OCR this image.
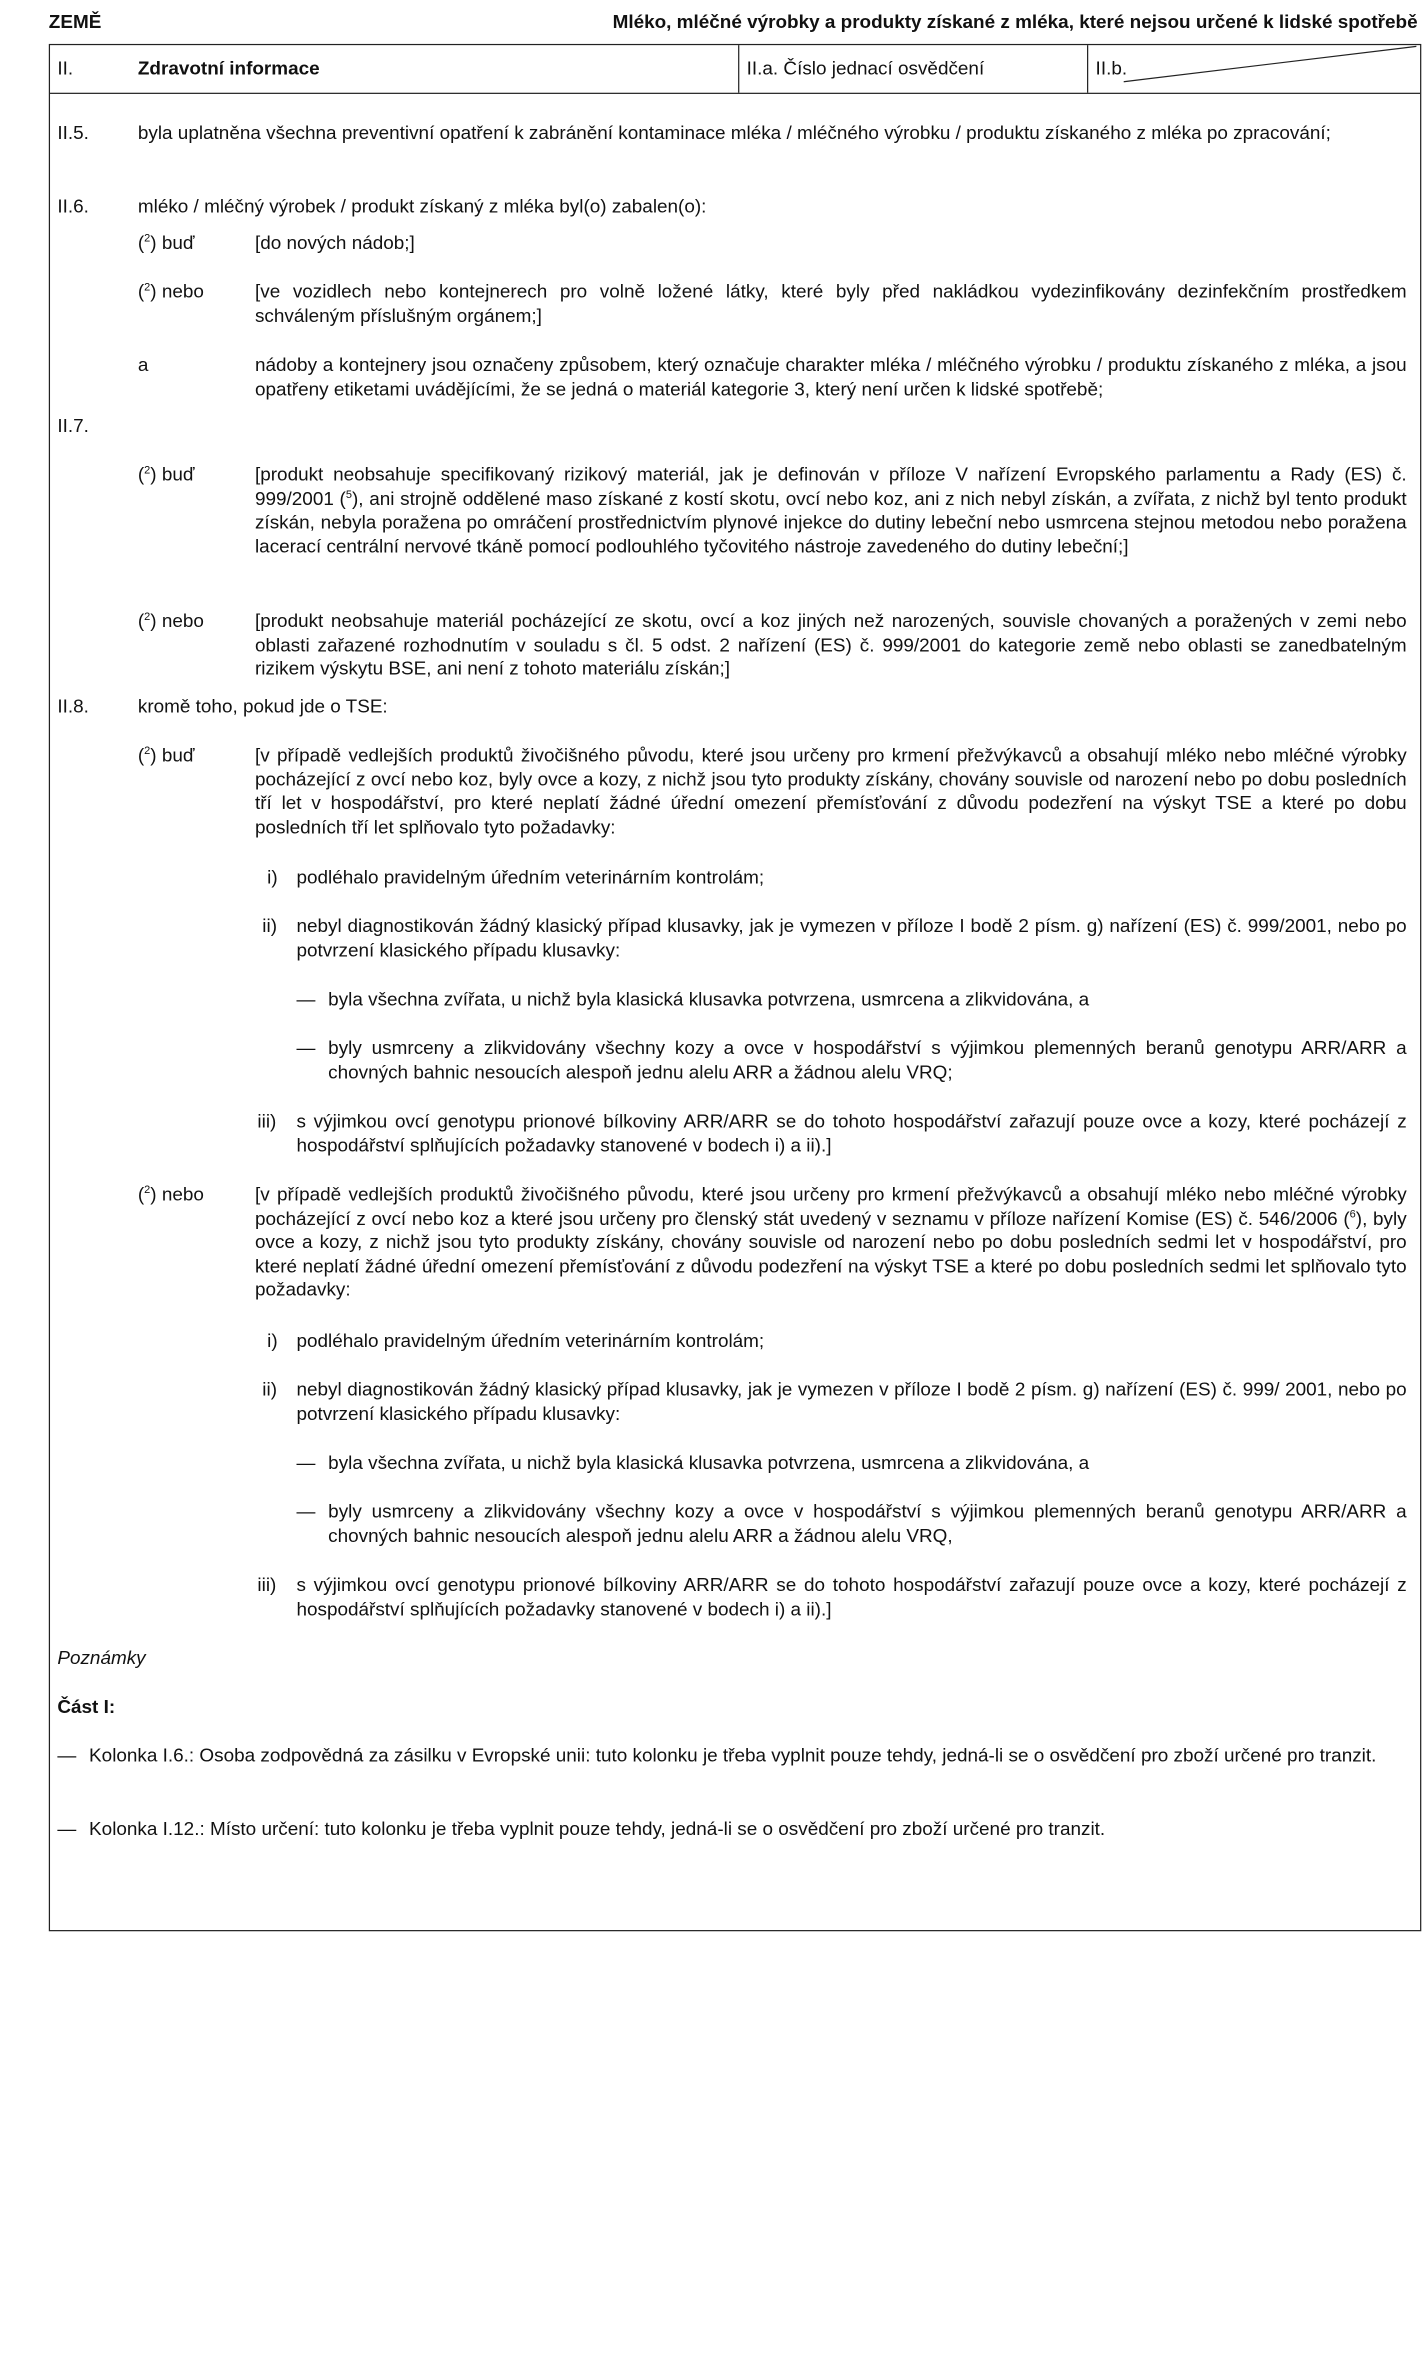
ZEMĚ	Mléko, mléčné výrobky a produkty získané z mléka, které nejsou určené k lidské spotřebě
II.	Zdravotní informace	II.a. Číslo jednací osvědčení	II.b.
II.5.	byla uplatněna všechna preventivní opatření k zabránění kontaminace mléka / mléčného výrobku / produktu získaného z mléka po zpracování;
II.6.	mléko / mléčný výrobek / produkt získaný z mléka byl(o) zabalen(o):
($^2$) buď	[do nových nádob;]
($^2$) nebo	[ve vozidlech nebo kontejnerech pro volně ložené látky, které byly před nakládkou vydezinfikovány dezinfekčním prostředkem schváleným příslušným orgánem;]
a	nádoby a kontejnery jsou označeny způsobem, který označuje charakter mléka / mléčného výrobku / produktu získaného z mléka, a jsou opatřeny etiketami uvádějícími, že se jedná o materiál kategorie 3, který není určen k lidské spotřebě;
II.7.
($^2$) buď	[produkt neobsahuje specifikovaný rizikový materiál, jak je definován v příloze V nařízení Evropského parlamentu a Rady (ES) č. 999/2001 ($^5$), ani strojně oddělené maso získané z kostí skotu, ovcí nebo koz, ani z nich nebyl získán, a zvířata, z nichž byl tento produkt získán, nebyla poražena po omráčení prostřednictvím plynové injekce do dutiny lebeční nebo usmrcena stejnou metodou nebo poražena lacerací centrální nervové tkáně pomocí podlouhlého tyčovitého nástroje zavedeného do dutiny lebeční;]
($^2$) nebo	[produkt neobsahuje materiál pocházející ze skotu, ovcí a koz jiných než narozených, souvisle chovaných a poražených v zemi nebo oblasti zařazené rozhodnutím v souladu s čl. 5 odst. 2 nařízení (ES) č. 999/2001 do kategorie země nebo oblasti se zanedbatelným rizikem výskytu BSE, ani není z tohoto materiálu získán;]
II.8.	kromě toho, pokud jde o TSE:
($^2$) buď	[v případě vedlejších produktů živočišného původu, které jsou určeny pro krmení přežvýkavců a obsahují mléko nebo mléčné výrobky pocházející z ovcí nebo koz, byly ovce a kozy, z nichž jsou tyto produkty získány, chovány souvisle od narození nebo po dobu posledních tří let v hospodářství, pro které neplatí žádné úřední omezení přemísťování z důvodu podezření na výskyt TSE a které po dobu posledních tří let splňovalo tyto požadavky:
i) podléhalo pravidelným úředním veterinárním kontrolám;
ii) nebyl diagnostikován žádný klasický případ klusavky, jak je vymezen v příloze I bodě 2 písm. g) nařízení (ES) č. 999/2001, nebo po potvrzení klasického případu klusavky:
— byla všechna zvířata, u nichž byla klasická klusavka potvrzena, usmrcena a zlikvidována, a
— byly usmrceny a zlikvidovány všechny kozy a ovce v hospodářství s výjimkou plemenných beranů genotypu ARR/ARR a chovných bahnic nesoucích alespoň jednu alelu ARR a žádnou alelu VRQ;
iii) s výjimkou ovcí genotypu prionové bílkoviny ARR/ARR se do tohoto hospodářství zařazují pouze ovce a kozy, které pocházejí z hospodářství splňujících požadavky stanovené v bodech i) a ii).]
($^2$) nebo	[v případě vedlejších produktů živočišného původu, které jsou určeny pro krmení přežvýkavců a obsahují mléko nebo mléčné výrobky pocházející z ovcí nebo koz a které jsou určeny pro členský stát uvedený v seznamu v příloze nařízení Komise (ES) č. 546/2006 ($^6$), byly ovce a kozy, z nichž jsou tyto produkty získány, chovány souvisle od narození nebo po dobu posledních sedmi let v hospodářství, pro které neplatí žádné úřední omezení přemísťování z důvodu podezření na výskyt TSE a které po dobu posledních sedmi let splňovalo tyto požadavky:
i) podléhalo pravidelným úředním veterinárním kontrolám;
ii) nebyl diagnostikován žádný klasický případ klusavky, jak je vymezen v příloze I bodě 2 písm. g) nařízení (ES) č. 999/ 2001, nebo po potvrzení klasického případu klusavky:
— byla všechna zvířata, u nichž byla klasická klusavka potvrzena, usmrcena a zlikvidována, a
— byly usmrceny a zlikvidovány všechny kozy a ovce v hospodářství s výjimkou plemenných beranů genotypu ARR/ARR a chovných bahnic nesoucích alespoň jednu alelu ARR a žádnou alelu VRQ,
iii) s výjimkou ovcí genotypu prionové bílkoviny ARR/ARR se do tohoto hospodářství zařazují pouze ovce a kozy, které pocházejí z hospodářství splňujících požadavky stanovené v bodech i) a ii).]
Poznámky
Část I:
— Kolonka I.6.: Osoba zodpovědná za zásilku v Evropské unii: tuto kolonku je třeba vyplnit pouze tehdy, jedná-li se o osvědčení pro zboží určené pro tranzit.
— Kolonka I.12.: Místo určení: tuto kolonku je třeba vyplnit pouze tehdy, jedná-li se o osvědčení pro zboží určené pro tranzit.
